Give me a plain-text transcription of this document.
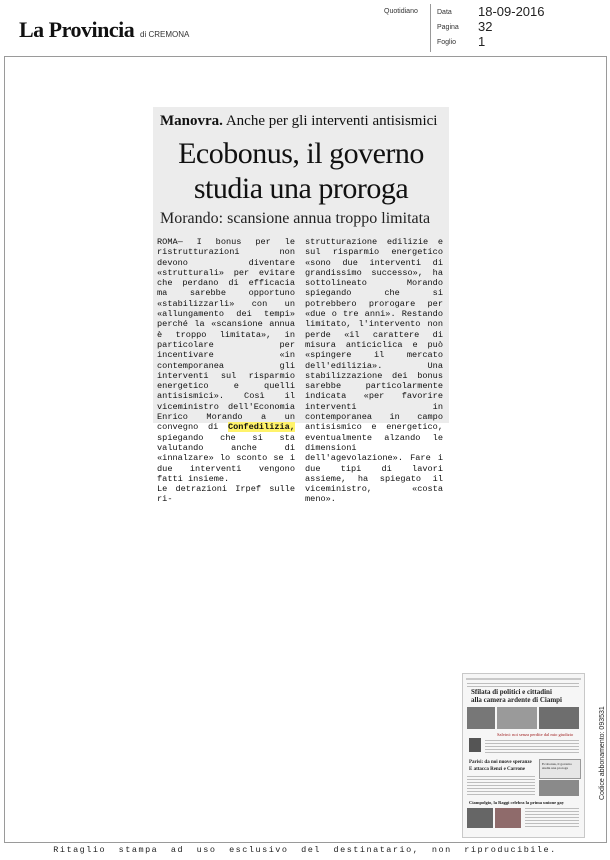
La Provincia di CREMONA
Quotidiano	Data 18-09-2016
Pagina 32
Foglio 1
Manovra. Anche per gli interventi antisismici
Ecobonus, il governo
studia una proroga
Morando: scansione annua troppo limitata

ROMA— I bonus per le ristrutturazioni non devono diventare «strutturali» per evitare che perdano di efficacia ma sarebbe opportuno «stabilizzarli» con un «allungamento dei tempi» perché la «scansione annua è troppo limitata», in particolare per incentivare «in contemporanea gli interventi sul risparmio energetico e quelli antisismici». Così il viceministro dell'Economia Enrico Morando a un convegno di Confedilizia, spiegando che si sta valutando anche di «innalzare» lo sconto se i due interventi vengono fatti insieme.

Le detrazioni Irpef sulle ri-

strutturazione edilizie e sul risparmio energetico «sono due interventi di grandissimo successo», ha sottolineato Morando spiegando che si potrebbero prorogare per «due o tre anni». Restando limitato, l'intervento non perde «il carattere di misura anticiclica e può «spingere il mercato dell'edilizia». Una stabilizzazione dei bonus sarebbe particolarmente indicata «per favorire interventi in contemporanea in campo antisismico e energetico, eventualmente alzando le dimensioni dell'agevolazione». Fare i due tipi di lavori assieme, ha spiegato il viceministro, «costa meno».

Sfilata di politici e cittadini
alla camera ardente di Ciampi
Salvini: noi senza perdite dal mio giudizio
Parisi: da noi nuove speranze
E attacca Renzi e Carrone
Ecobonus, il governo studia una proroga
Ciampolgio, la Raggi celebra la prima unione gay
Codice abbonamento: 093531
Ritaglio stampa ad uso esclusivo del destinatario, non riproducibile.
